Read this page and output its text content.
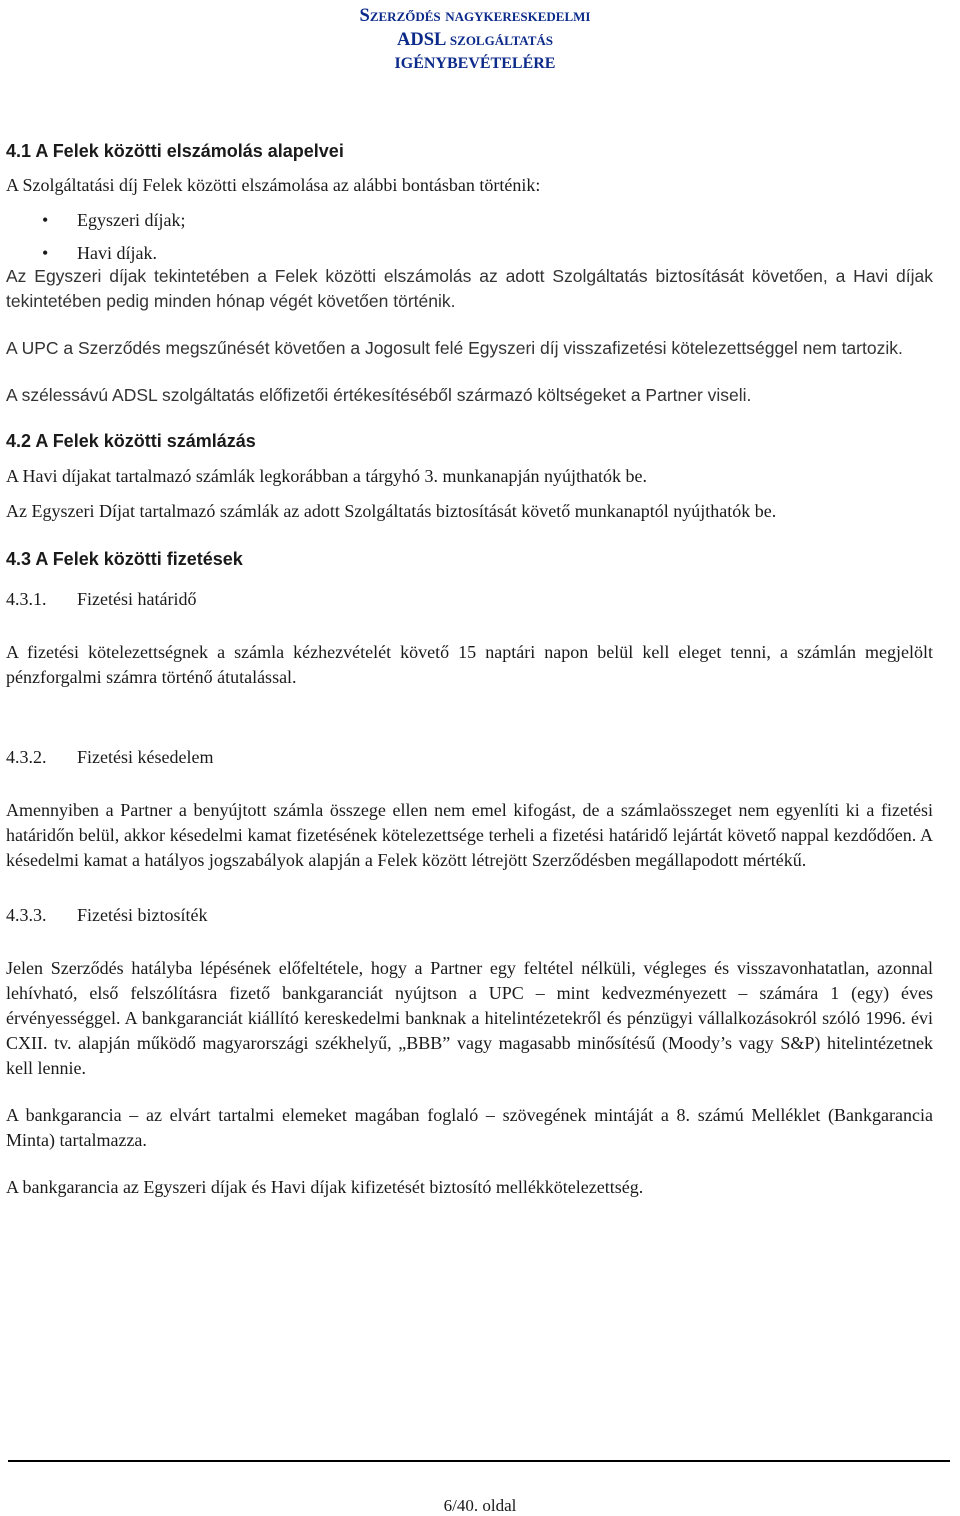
Szerződés nagykereskedelmi
ADSL szolgáltatás
IGÉNYBEVÉTELÉRE
4.1 A Felek közötti elszámolás alapelvei
A Szolgáltatási díj Felek közötti elszámolása az alábbi bontásban történik:
• Egyszeri díjak;
• Havi díjak.
Az Egyszeri díjak tekintetében a Felek közötti elszámolás az adott Szolgáltatás biztosítását követően, a Havi díjak tekintetében pedig minden hónap végét követően történik.
A UPC a Szerződés megszűnését követően a Jogosult felé Egyszeri díj visszafizetési kötelezettséggel nem tartozik.
A szélessávú ADSL szolgáltatás előfizetői értékesítéséből származó költségeket a Partner viseli.
4.2 A Felek közötti számlázás
A Havi díjakat tartalmazó számlák legkorábban a tárgyhó 3. munkanapján nyújthatók be.
Az Egyszeri Díjat tartalmazó számlák az adott Szolgáltatás biztosítását követő munkanaptól nyújthatók be.
4.3 A Felek közötti fizetések
4.3.1. Fizetési határidő
A fizetési kötelezettségnek a számla kézhezvételét követő 15 naptári napon belül kell eleget tenni, a számlán megjelölt pénzforgalmi számra történő átutalással.
4.3.2. Fizetési késedelem
Amennyiben a Partner a benyújtott számla összege ellen nem emel kifogást, de a számlaösszeget nem egyenlíti ki a fizetési határidőn belül, akkor késedelmi kamat fizetésének kötelezettsége terheli a fizetési határidő lejártát követő nappal kezdődően. A késedelmi kamat a hatályos jogszabályok alapján a Felek között létrejött Szerződésben megállapodott mértékű.
4.3.3. Fizetési biztosíték
Jelen Szerződés hatályba lépésének előfeltétele, hogy a Partner egy feltétel nélküli, végleges és visszavonhatatlan, azonnal lehívható, első felszólításra fizető bankgaranciát nyújtson a UPC – mint kedvezményezett – számára 1 (egy) éves érvényességgel. A bankgaranciát kiállító kereskedelmi banknak a hitelintézetekről és pénzügyi vállalkozásokról szóló 1996. évi CXII. tv. alapján működő magyarországi székhelyű, „BBB” vagy magasabb minősítésű (Moody’s vagy S&P) hitelintézetnek kell lennie.
A bankgarancia – az elvárt tartalmi elemeket magában foglaló – szövegének mintáját a 8. számú Melléklet (Bankgarancia Minta) tartalmazza.
A bankgarancia az Egyszeri díjak és Havi díjak kifizetését biztosító mellékkötelezettség.
6/40. oldal
